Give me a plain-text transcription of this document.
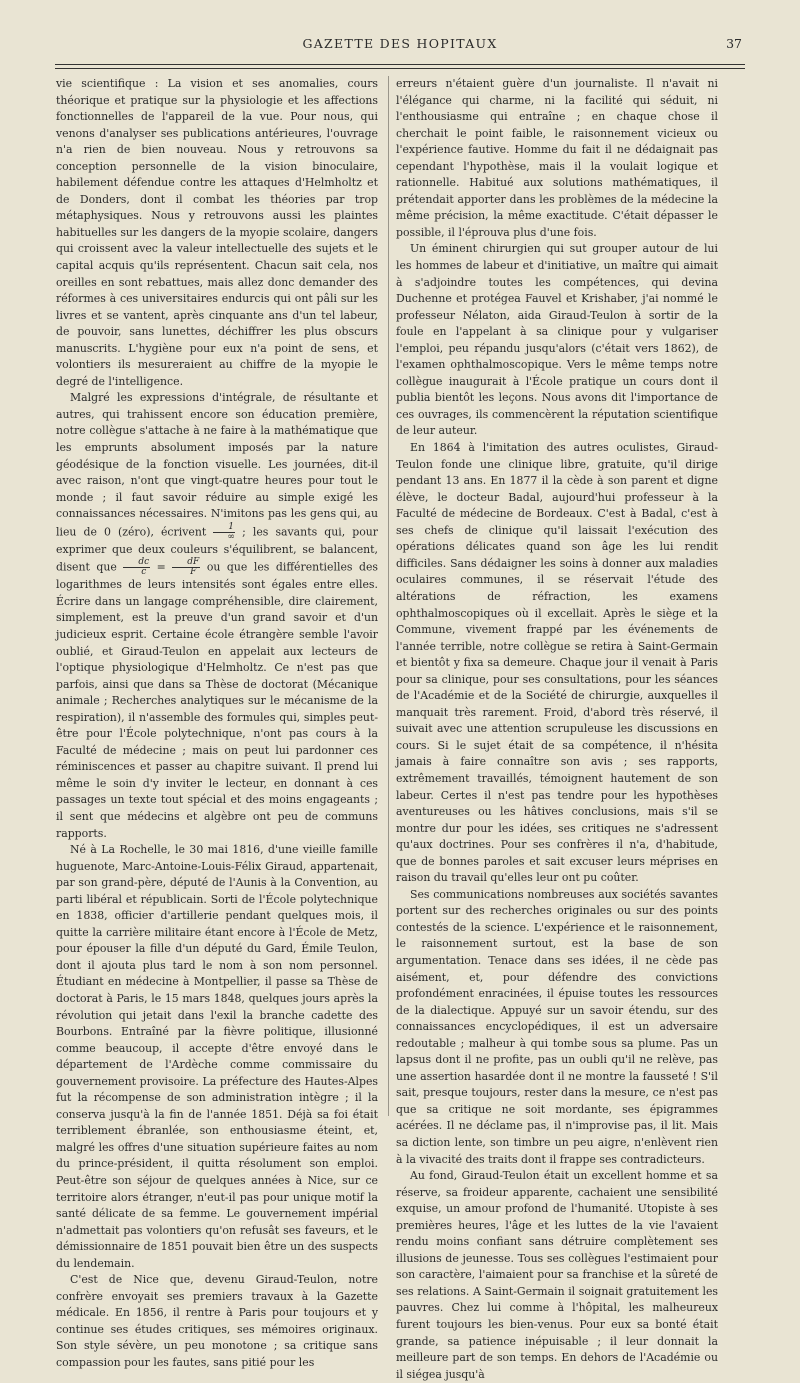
GAZETTE DES HOPITAUX	37

vie scientifique : La vision et ses anomalies, cours théorique et pratique sur la physiologie et les affections fonctionnelles de l'appareil de la vue. Pour nous, qui venons d'analyser ses publications antérieures, l'ouvrage n'a rien de bien nouveau. Nous y retrouvons sa conception personnelle de la vision binoculaire, habilement défendue contre les attaques d'Helmholtz et de Donders, dont il combat les théories par trop métaphysiques. Nous y retrouvons aussi les plaintes habituelles sur les dangers de la myopie scolaire, dangers qui croissent avec la valeur intellectuelle des sujets et le capital acquis qu'ils représentent. Chacun sait cela, nos oreilles en sont rebattues, mais allez donc demander des réformes à ces universitaires endurcis qui ont pâli sur les livres et se vantent, après cinquante ans d'un tel labeur, de pouvoir, sans lunettes, déchiffrer les plus obscurs manuscrits. L'hygiène pour eux n'a point de sens, et volontiers ils mesureraient au chiffre de la myopie le degré de l'intelligence.

Malgré les expressions d'intégrale, de résultante et autres, qui trahissent encore son éducation première, notre collègue s'attache à ne faire à la mathématique que les emprunts absolument imposés par la nature géodésique de la fonction visuelle. Les journées, dit-il avec raison, n'ont que vingt-quatre heures pour tout le monde ; il faut savoir réduire au simple exigé les connaissances nécessaires. N'imitons pas les gens qui, au lieu de 0 (zéro), écrivent $\frac{1}{\infty}$ ; les savants qui, pour exprimer que deux couleurs s'équilibrent, se balancent, disent que $\frac{dc}{c} = \frac{dF}{F}$ ou que les différentielles des logarithmes de leurs intensités sont égales entre elles. Écrire dans un langage compréhensible, dire clairement, simplement, est la preuve d'un grand savoir et d'un judicieux esprit. Certaine école étrangère semble l'avoir oublié, et Giraud-Teulon en appelait aux lecteurs de l'optique physiologique d'Helmholtz. Ce n'est pas que parfois, ainsi que dans sa Thèse de doctorat (Mécanique animale ; Recherches analytiques sur le mécanisme de la respiration), il n'assemble des formules qui, simples peut-être pour l'École polytechnique, n'ont pas cours à la Faculté de médecine ; mais on peut lui pardonner ces réminiscences et passer au chapitre suivant. Il prend lui même le soin d'y inviter le lecteur, en donnant à ces passages un texte tout spécial et des moins engageants ; il sent que médecins et algèbre ont peu de communs rapports.

Né à La Rochelle, le 30 mai 1816, d'une vieille famille huguenote, Marc-Antoine-Louis-Félix Giraud, appartenait, par son grand-père, député de l'Aunis à la Convention, au parti libéral et républicain. Sorti de l'École polytechnique en 1838, officier d'artillerie pendant quelques mois, il quitte la carrière militaire étant encore à l'École de Metz, pour épouser la fille d'un député du Gard, Émile Teulon, dont il ajouta plus tard le nom à son nom personnel. Étudiant en médecine à Montpellier, il passe sa Thèse de doctorat à Paris, le 15 mars 1848, quelques jours après la révolution qui jetait dans l'exil la branche cadette des Bourbons. Entraîné par la fièvre politique, illusionné comme beaucoup, il accepte d'être envoyé dans le département de l'Ardèche comme commissaire du gouvernement provisoire. La préfecture des Hautes-Alpes fut la récompense de son administration intègre ; il la conserva jusqu'à la fin de l'année 1851. Déjà sa foi était terriblement ébranlée, son enthousiasme éteint, et, malgré les offres d'une situation supérieure faites au nom du prince-président, il quitta résolument son emploi. Peut-être son séjour de quelques années à Nice, sur ce territoire alors étranger, n'eut-il pas pour unique motif la santé délicate de sa femme. Le gouvernement impérial n'admettait pas volontiers qu'on refusât ses faveurs, et le démissionnaire de 1851 pouvait bien être un des suspects du lendemain.

C'est de Nice que, devenu Giraud-Teulon, notre confrère envoyait ses premiers travaux à la Gazette médicale. En 1856, il rentre à Paris pour toujours et y continue ses études critiques, ses mémoires originaux. Son style sévère, un peu monotone ; sa critique sans compassion pour les fautes, sans pitié pour les

erreurs n'étaient guère d'un journaliste. Il n'avait ni l'élégance qui charme, ni la facilité qui séduit, ni l'enthousiasme qui entraîne ; en chaque chose il cherchait le point faible, le raisonnement vicieux ou l'expérience fautive. Homme du fait il ne dédaignait pas cependant l'hypothèse, mais il la voulait logique et rationnelle. Habitué aux solutions mathématiques, il prétendait apporter dans les problèmes de la médecine la même précision, la même exactitude. C'était dépasser le possible, il l'éprouva plus d'une fois.

Un éminent chirurgien qui sut grouper autour de lui les hommes de labeur et d'initiative, un maître qui aimait à s'adjoindre toutes les compétences, qui devina Duchenne et protégea Fauvel et Krishaber, j'ai nommé le professeur Nélaton, aida Giraud-Teulon à sortir de la foule en l'appelant à sa clinique pour y vulgariser l'emploi, peu répandu jusqu'alors (c'était vers 1862), de l'examen ophthalmoscopique. Vers le même temps notre collègue inaugurait à l'École pratique un cours dont il publia bientôt les leçons. Nous avons dit l'importance de ces ouvrages, ils commencèrent la réputation scientifique de leur auteur.

En 1864 à l'imitation des autres oculistes, Giraud-Teulon fonde une clinique libre, gratuite, qu'il dirige pendant 13 ans. En 1877 il la cède à son parent et digne élève, le docteur Badal, aujourd'hui professeur à la Faculté de médecine de Bordeaux. C'est à Badal, c'est à ses chefs de clinique qu'il laissait l'exécution des opérations délicates quand son âge les lui rendit difficiles. Sans dédaigner les soins à donner aux maladies oculaires communes, il se réservait l'étude des altérations de réfraction, les examens ophthalmoscopiques où il excellait. Après le siège et la Commune, vivement frappé par les événements de l'année terrible, notre collègue se retira à Saint-Germain et bientôt y fixa sa demeure. Chaque jour il venait à Paris pour sa clinique, pour ses consultations, pour les séances de l'Académie et de la Société de chirurgie, auxquelles il manquait très rarement. Froid, d'abord très réservé, il suivait avec une attention scrupuleuse les discussions en cours. Si le sujet était de sa compétence, il n'hésita jamais à faire connaître son avis ; ses rapports, extrêmement travaillés, témoignent hautement de son labeur. Certes il n'est pas tendre pour les hypothèses aventureuses ou les hâtives conclusions, mais s'il se montre dur pour les idées, ses critiques ne s'adressent qu'aux doctrines. Pour ses confrères il n'a, d'habitude, que de bonnes paroles et sait excuser leurs méprises en raison du travail qu'elles leur ont pu coûter.

Ses communications nombreuses aux sociétés savantes portent sur des recherches originales ou sur des points contestés de la science. L'expérience et le raisonnement, le raisonnement surtout, est la base de son argumentation. Tenace dans ses idées, il ne cède pas aisément, et, pour défendre des convictions profondément enracinées, il épuise toutes les ressources de la dialectique. Appuyé sur un savoir étendu, sur des connaissances encyclopédiques, il est un adversaire redoutable ; malheur à qui tombe sous sa plume. Pas un lapsus dont il ne profite, pas un oubli qu'il ne relève, pas une assertion hasardée dont il ne montre la fausseté ! S'il sait, presque toujours, rester dans la mesure, ce n'est pas que sa critique ne soit mordante, ses épigrammes acérées. Il ne déclame pas, il n'improvise pas, il lit. Mais sa diction lente, son timbre un peu aigre, n'enlèvent rien à la vivacité des traits dont il frappe ses contradicteurs.

Au fond, Giraud-Teulon était un excellent homme et sa réserve, sa froideur apparente, cachaient une sensibilité exquise, un amour profond de l'humanité. Utopiste à ses premières heures, l'âge et les luttes de la vie l'avaient rendu moins confiant sans détruire complètement ses illusions de jeunesse. Tous ses collègues l'estimaient pour son caractère, l'aimaient pour sa franchise et la sûreté de ses relations. A Saint-Germain il soignait gratuitement les pauvres. Chez lui comme à l'hôpital, les malheureux furent toujours les bien-venus. Pour eux sa bonté était grande, sa patience inépuisable ; il leur donnait la meilleure part de son temps. En dehors de l'Académie ou il siégea jusqu'à
